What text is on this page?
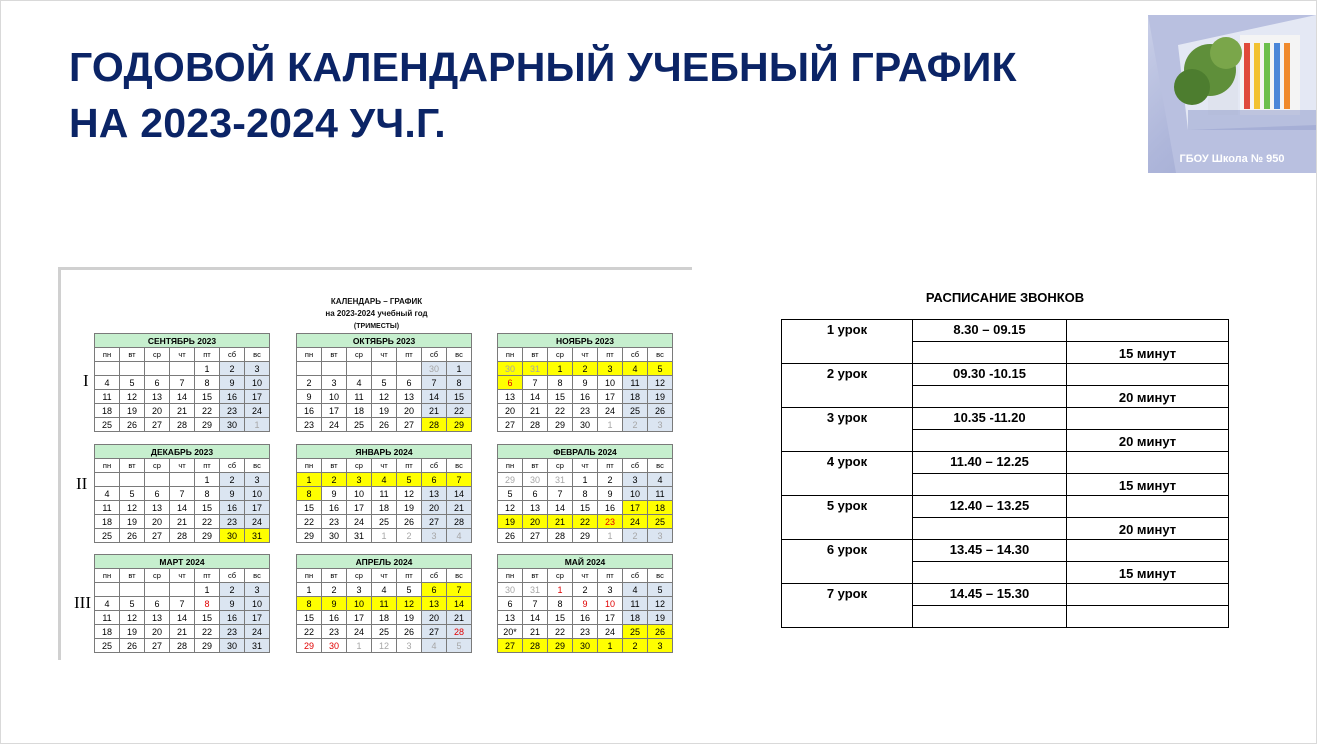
ГОДОВОЙ КАЛЕНДАРНЫЙ УЧЕБНЫЙ ГРАФИК
НА 2023-2024 УЧ.Г.
ГБОУ Школа № 950
КАЛЕНДАРЬ – ГРАФИК
на 2023-2024 учебный год
(ТРИМЕСТЫ)
I
II
III
СЕНТЯБРЬ 2023						
пн	вт	ср	чт	пт	сб	вс
				1	2	3
4	5	6	7	8	9	10
11	12	13	14	15	16	17
18	19	20	21	22	23	24
25	26	27	28	29	30	1
ОКТЯБРЬ 2023						
пн	вт	ср	чт	пт	сб	вс
					30	1
2	3	4	5	6	7	8
9	10	11	12	13	14	15
16	17	18	19	20	21	22
23	24	25	26	27	28	29
НОЯБРЬ 2023						
пн	вт	ср	чт	пт	сб	вс
30	31	1	2	3	4	5
6	7	8	9	10	11	12
13	14	15	16	17	18	19
20	21	22	23	24	25	26
27	28	29	30	1	2	3
ДЕКАБРЬ 2023						
пн	вт	ср	чт	пт	сб	вс
				1	2	3
4	5	6	7	8	9	10
11	12	13	14	15	16	17
18	19	20	21	22	23	24
25	26	27	28	29	30	31
ЯНВАРЬ 2024						
пн	вт	ср	чт	пт	сб	вс
1	2	3	4	5	6	7
8	9	10	11	12	13	14
15	16	17	18	19	20	21
22	23	24	25	26	27	28
29	30	31	1	2	3	4
ФЕВРАЛЬ 2024						
пн	вт	ср	чт	пт	сб	вс
29	30	31	1	2	3	4
5	6	7	8	9	10	11
12	13	14	15	16	17	18
19	20	21	22	23	24	25
26	27	28	29	1	2	3
МАРТ 2024						
пн	вт	ср	чт	пт	сб	вс
				1	2	3
4	5	6	7	8	9	10
11	12	13	14	15	16	17
18	19	20	21	22	23	24
25	26	27	28	29	30	31
АПРЕЛЬ 2024						
пн	вт	ср	чт	пт	сб	вс
1	2	3	4	5	6	7
8	9	10	11	12	13	14
15	16	17	18	19	20	21
22	23	24	25	26	27	28
29	30	1	12	3	4	5
МАЙ 2024						
пн	вт	ср	чт	пт	сб	вс
30	31	1	2	3	4	5
6	7	8	9	10	11	12
13	14	15	16	17	18	19
20*	21	22	23	24	25	26
27	28	29	30	1	2	3
РАСПИСАНИЕ ЗВОНКОВ
1 урок	8.30 – 09.15	
		15 минут
2 урок	09.30 -10.15	
		20 минут
3 урок	10.35 -11.20	
		20 минут
4 урок	11.40 – 12.25	
		15 минут
5 урок	12.40 – 13.25	
		20 минут
6 урок	13.45 – 14.30	
		15 минут
7 урок	14.45 – 15.30	
